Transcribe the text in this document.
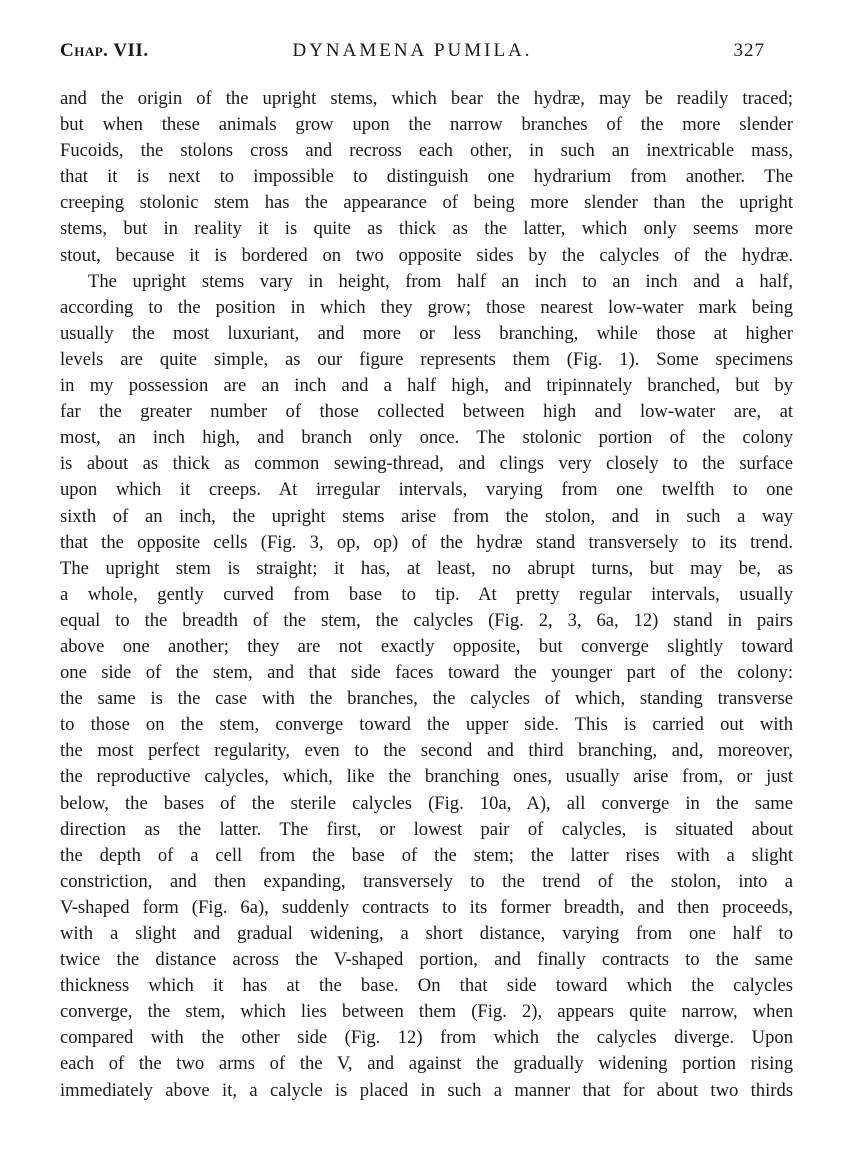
Chap. VII.	DYNAMENA PUMILA.	327
and the origin of the upright stems, which bear the hydræ, may be readily traced;
but when these animals grow upon the narrow branches of the more slender
Fucoids, the stolons cross and recross each other, in such an inextricable mass,
that it is next to impossible to distinguish one hydrarium from another. The
creeping stolonic stem has the appearance of being more slender than the upright
stems, but in reality it is quite as thick as the latter, which only seems more
stout, because it is bordered on two opposite sides by the calycles of the hydræ.
The upright stems vary in height, from half an inch to an inch and a half,
according to the position in which they grow; those nearest low-water mark being
usually the most luxuriant, and more or less branching, while those at higher
levels are quite simple, as our figure represents them (Fig. 1). Some specimens
in my possession are an inch and a half high, and tripinnately branched, but by
far the greater number of those collected between high and low-water are, at
most, an inch high, and branch only once. The stolonic portion of the colony
is about as thick as common sewing-thread, and clings very closely to the surface
upon which it creeps. At irregular intervals, varying from one twelfth to one
sixth of an inch, the upright stems arise from the stolon, and in such a way
that the opposite cells (Fig. 3, op, op) of the hydræ stand transversely to its trend.
The upright stem is straight; it has, at least, no abrupt turns, but may be, as
a whole, gently curved from base to tip. At pretty regular intervals, usually
equal to the breadth of the stem, the calycles (Fig. 2, 3, 6a, 12) stand in pairs
above one another; they are not exactly opposite, but converge slightly toward
one side of the stem, and that side faces toward the younger part of the colony:
the same is the case with the branches, the calycles of which, standing transverse
to those on the stem, converge toward the upper side. This is carried out with
the most perfect regularity, even to the second and third branching, and, moreover,
the reproductive calycles, which, like the branching ones, usually arise from, or just
below, the bases of the sterile calycles (Fig. 10a, A), all converge in the same
direction as the latter. The first, or lowest pair of calycles, is situated about
the depth of a cell from the base of the stem; the latter rises with a slight
constriction, and then expanding, transversely to the trend of the stolon, into a
V-shaped form (Fig. 6a), suddenly contracts to its former breadth, and then proceeds,
with a slight and gradual widening, a short distance, varying from one half to
twice the distance across the V-shaped portion, and finally contracts to the same
thickness which it has at the base. On that side toward which the calycles
converge, the stem, which lies between them (Fig. 2), appears quite narrow, when
compared with the other side (Fig. 12) from which the calycles diverge. Upon
each of the two arms of the V, and against the gradually widening portion rising
immediately above it, a calycle is placed in such a manner that for about two thirds
